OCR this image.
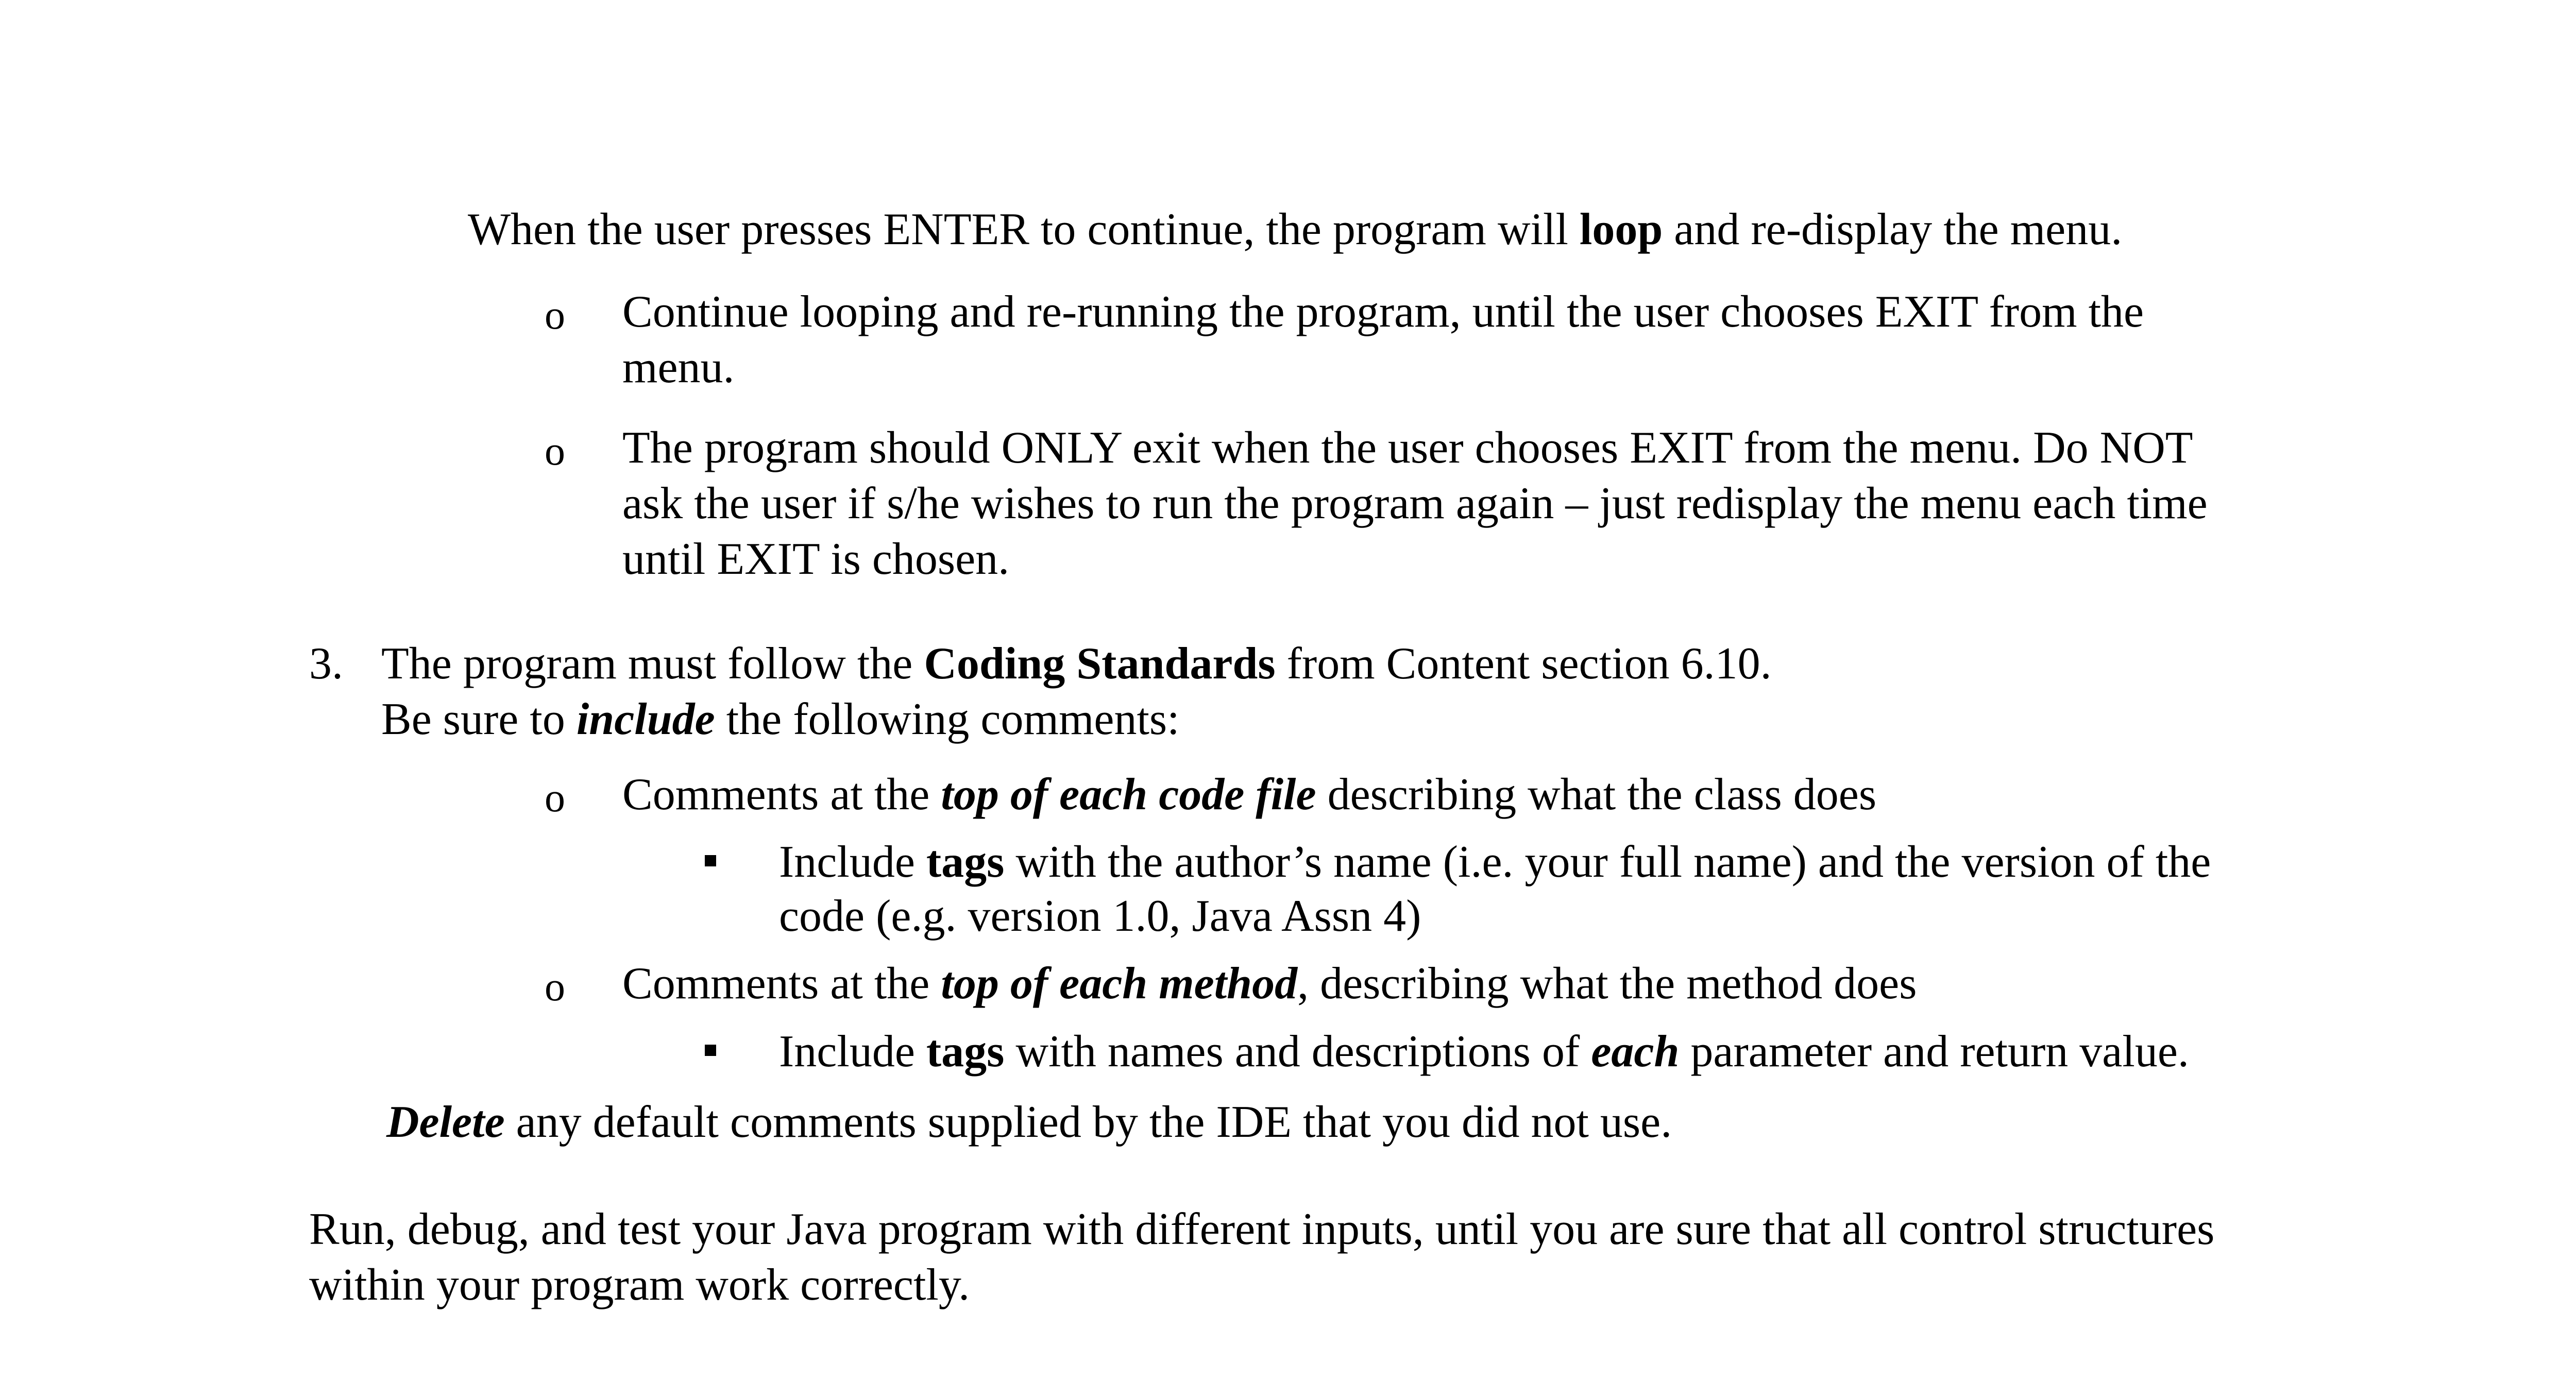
When the user presses ENTER to continue, the program will loop and re-display the menu.

o Continue looping and re-running the program, until the user chooses EXIT from the

menu.

o The program should ONLY exit when the user chooses EXIT from the menu. Do NOT

ask the user if s/he wishes to run the program again – just redisplay the menu each time

until EXIT is chosen.

3. The program must follow the Coding Standards from Content section 6.10.

Be sure to include the following comments:

o Comments at the top of each code file describing what the class does

Include tags with the author’s name (i.e. your full name) and the version of the

code (e.g. version 1.0, Java Assn 4)

o Comments at the top of each method, describing what the method does

Include tags with names and descriptions of each parameter and return value.

Delete any default comments supplied by the IDE that you did not use.

Run, debug, and test your Java program with different inputs, until you are sure that all control structures

within your program work correctly.
